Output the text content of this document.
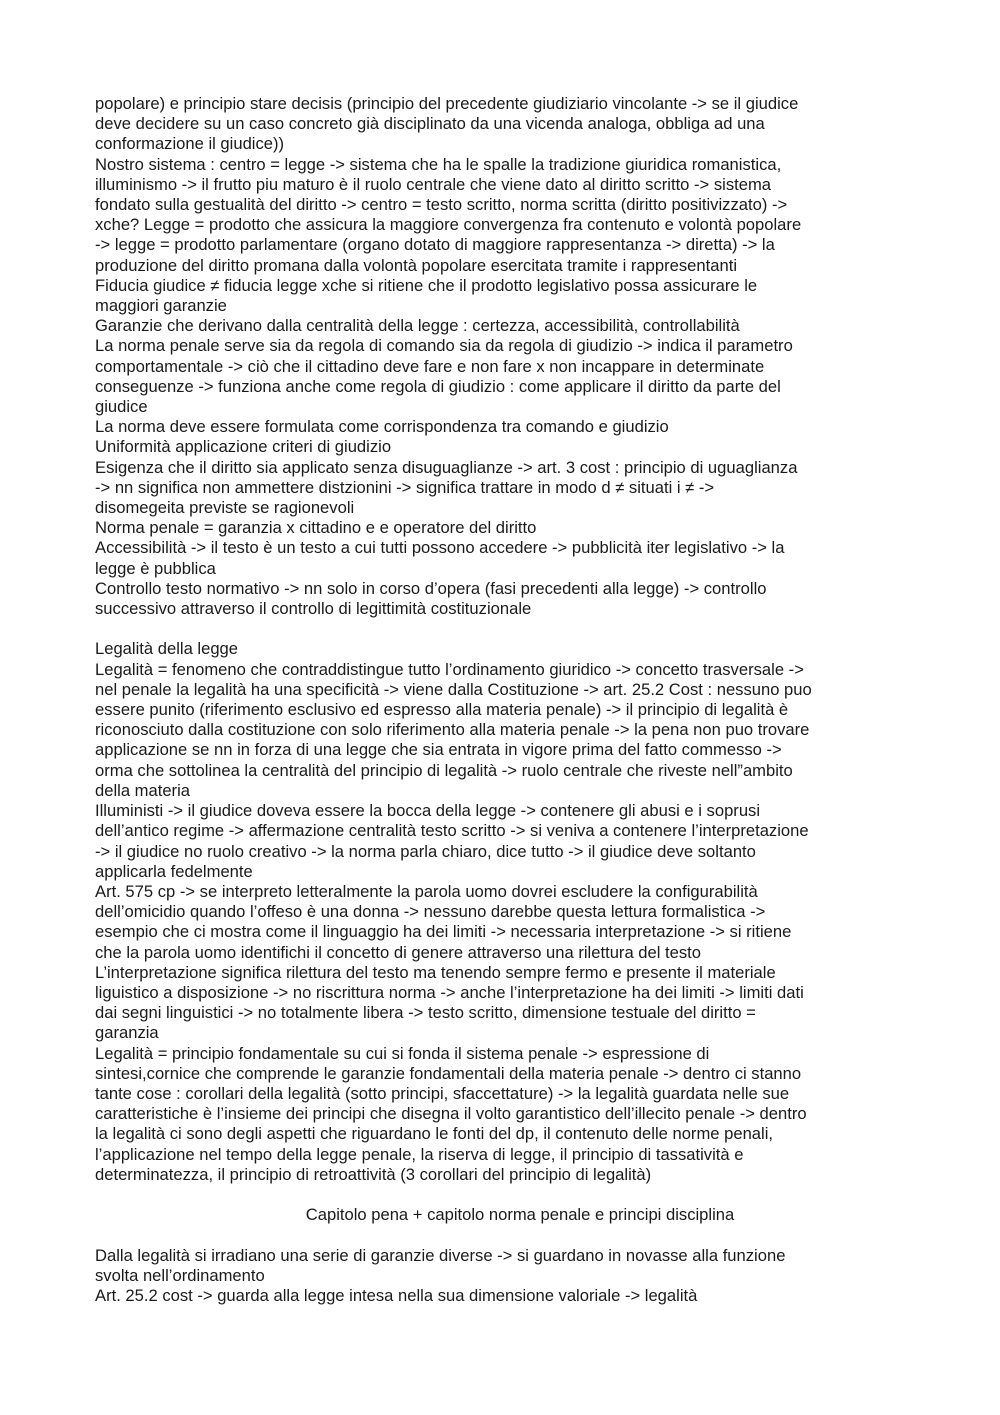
popolare) e principio stare decisis (principio del precedente giudiziario vincolante -> se il giudice
deve decidere su un caso concreto già disciplinato da una vicenda analoga, obbliga ad una
conformazione il giudice))
Nostro sistema : centro = legge -> sistema che ha le spalle la tradizione giuridica romanistica,
illuminismo -> il frutto piu maturo è il ruolo centrale che viene dato al diritto scritto -> sistema
fondato sulla gestualità del diritto -> centro = testo scritto, norma scritta (diritto positivizzato) ->
xche? Legge = prodotto che assicura la maggiore convergenza fra contenuto e volontà popolare
-> legge = prodotto parlamentare (organo dotato di maggiore rappresentanza -> diretta) -> la
produzione del diritto promana dalla volontà popolare esercitata tramite i rappresentanti
Fiducia giudice ≠ fiducia legge xche si ritiene che il prodotto legislativo possa assicurare le
maggiori garanzie
Garanzie che derivano dalla centralità della legge : certezza, accessibilità, controllabilità
La norma penale serve sia da regola di comando sia da regola di giudizio -> indica il parametro
comportamentale -> ciò che il cittadino deve fare e non fare x non incappare in determinate
conseguenze -> funziona anche come regola di giudizio : come applicare il diritto da parte del
giudice
La norma deve essere formulata come corrispondenza tra comando e giudizio
Uniformità applicazione criteri di giudizio
Esigenza che il diritto sia applicato senza disuguaglianze -> art. 3 cost : principio di uguaglianza
-> nn significa non ammettere distzionini -> significa trattare in modo d ≠ situati i ≠ ->
disomegeita previste se ragionevoli
Norma penale = garanzia x cittadino e e operatore del diritto
Accessibilità -> il testo è un testo a cui tutti possono accedere -> pubblicità iter legislativo -> la
legge è pubblica
Controllo testo normativo -> nn solo in corso d’opera (fasi precedenti alla legge) -> controllo
successivo attraverso il controllo di legittimità costituzionale
Legalità della legge
Legalità = fenomeno che contraddistingue tutto l’ordinamento giuridico -> concetto trasversale ->
nel penale la legalità ha una specificità -> viene dalla Costituzione -> art. 25.2 Cost : nessuno puo
essere punito (riferimento esclusivo ed espresso alla materia penale) -> il principio di legalità è
riconosciuto dalla costituzione con solo riferimento alla materia penale -> la pena non puo trovare
applicazione se nn in forza di una legge che sia entrata in vigore prima del fatto commesso ->
orma che sottolinea la centralità del principio di legalità -> ruolo centrale che riveste nell”ambito
della materia
Illuministi -> il giudice doveva essere la bocca della legge -> contenere gli abusi e i soprusi
dell’antico regime -> affermazione centralità testo scritto -> si veniva a contenere l’interpretazione
-> il giudice no ruolo creativo -> la norma parla chiaro, dice tutto -> il giudice deve soltanto
applicarla fedelmente
Art. 575 cp -> se interpreto letteralmente la parola uomo dovrei escludere la configurabilità
dell’omicidio quando l’offeso è una donna -> nessuno darebbe questa lettura formalistica ->
esempio che ci mostra come il linguaggio ha dei limiti -> necessaria interpretazione -> si ritiene
che la parola uomo identifichi il concetto di genere attraverso una rilettura del testo
L’interpretazione significa rilettura del testo ma tenendo sempre fermo e presente il materiale
liguistico a disposizione -> no riscrittura norma -> anche l’interpretazione ha dei limiti -> limiti dati
dai segni linguistici -> no totalmente libera -> testo scritto, dimensione testuale del diritto =
garanzia
Legalità = principio fondamentale su cui si fonda il sistema penale -> espressione di
sintesi,cornice che comprende le garanzie fondamentali della materia penale -> dentro ci stanno
tante cose : corollari della legalità (sotto principi, sfaccettature) -> la legalità guardata nelle sue
caratteristiche è l’insieme dei principi che disegna il volto garantistico dell’illecito penale -> dentro
la legalità ci sono degli aspetti che riguardano le fonti del dp, il contenuto delle norme penali,
l’applicazione nel tempo della legge penale, la riserva di legge, il principio di tassatività e
determinatezza, il principio di retroattività (3 corollari del principio di legalità)
Capitolo pena + capitolo norma penale e principi disciplina
Dalla legalità si irradiano una serie di garanzie diverse -> si guardano in novasse alla funzione
svolta nell’ordinamento
Art. 25.2 cost -> guarda alla legge intesa nella sua dimensione valoriale -> legalità
